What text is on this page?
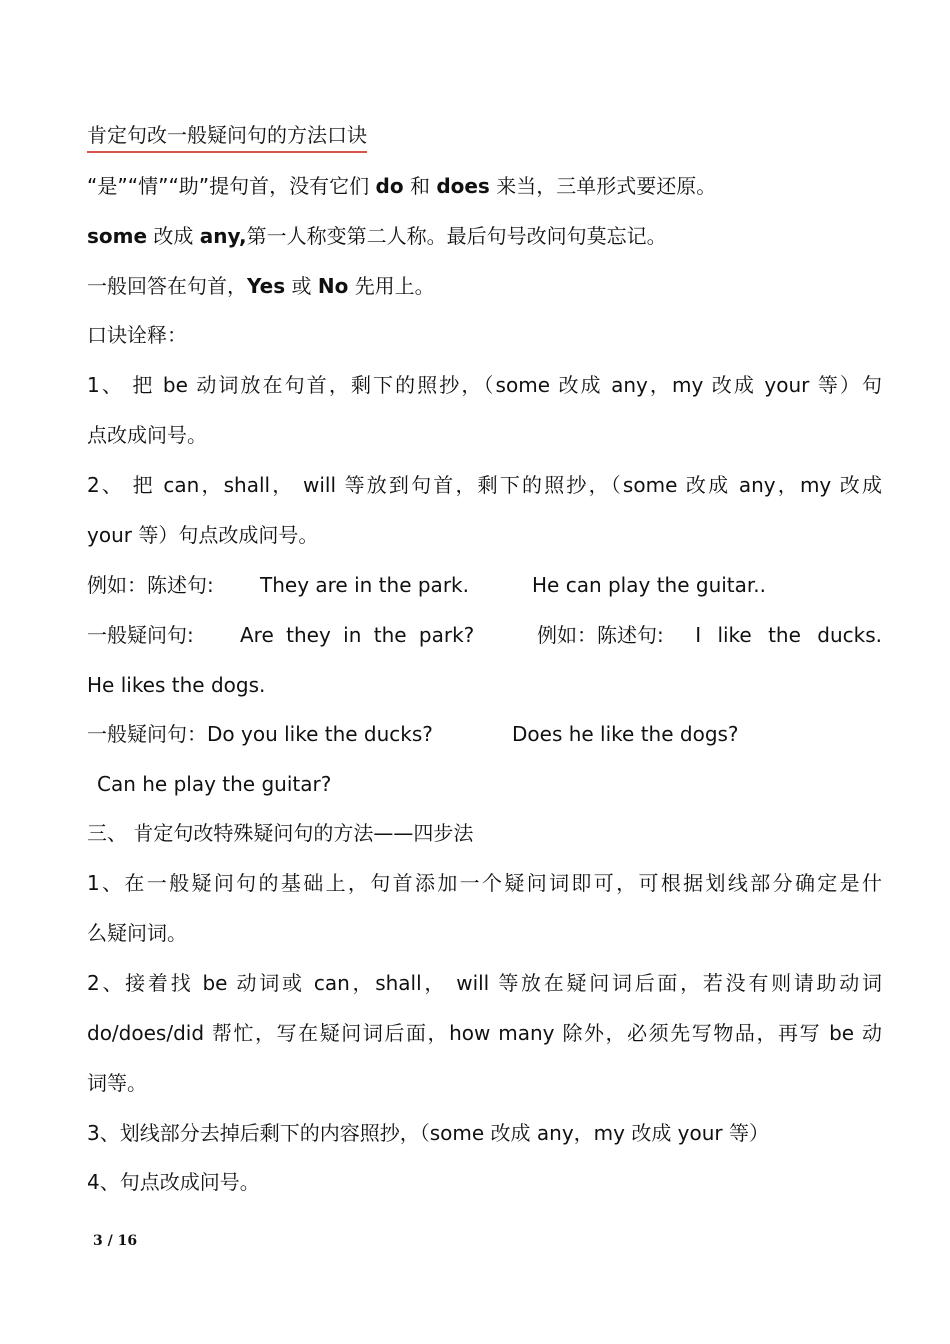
肯定句改一般疑问句的方法口诀
“是”“情”“助”提句首，没有它们 do 和 does 来当，三单形式要还原。
some 改成 any,第一人称变第二人称。最后句号改问句莫忘记。
一般回答在句首，Yes 或 No 先用上。
口诀诠释：
1、 把 be 动词放在句首，剩下的照抄，（some 改成 any，my 改成 your 等）句
点改成问号。
2、 把 can，shall， will 等放到句首，剩下的照抄，（some 改成 any，my 改成
your 等）句点改成问号。
例如：陈述句: They are in the park.	He can play the guitar..
一般疑问句: Are they in the park?	例如：陈述句: I like the ducks.
He likes the dogs.
一般疑问句：Do you like the ducks?	Does he like the dogs?
Can he play the guitar?
三、 肯定句改特殊疑问句的方法——四步法
1、在一般疑问句的基础上，句首添加一个疑问词即可，可根据划线部分确定是什
么疑问词。
2、接着找 be 动词或 can，shall， will 等放在疑问词后面，若没有则请助动词
do/does/did 帮忙，写在疑问词后面，how many 除外，必须先写物品，再写 be 动
词等。
3、划线部分去掉后剩下的内容照抄，（some 改成 any，my 改成 your 等）
4、句点改成问号。
3 / 16
